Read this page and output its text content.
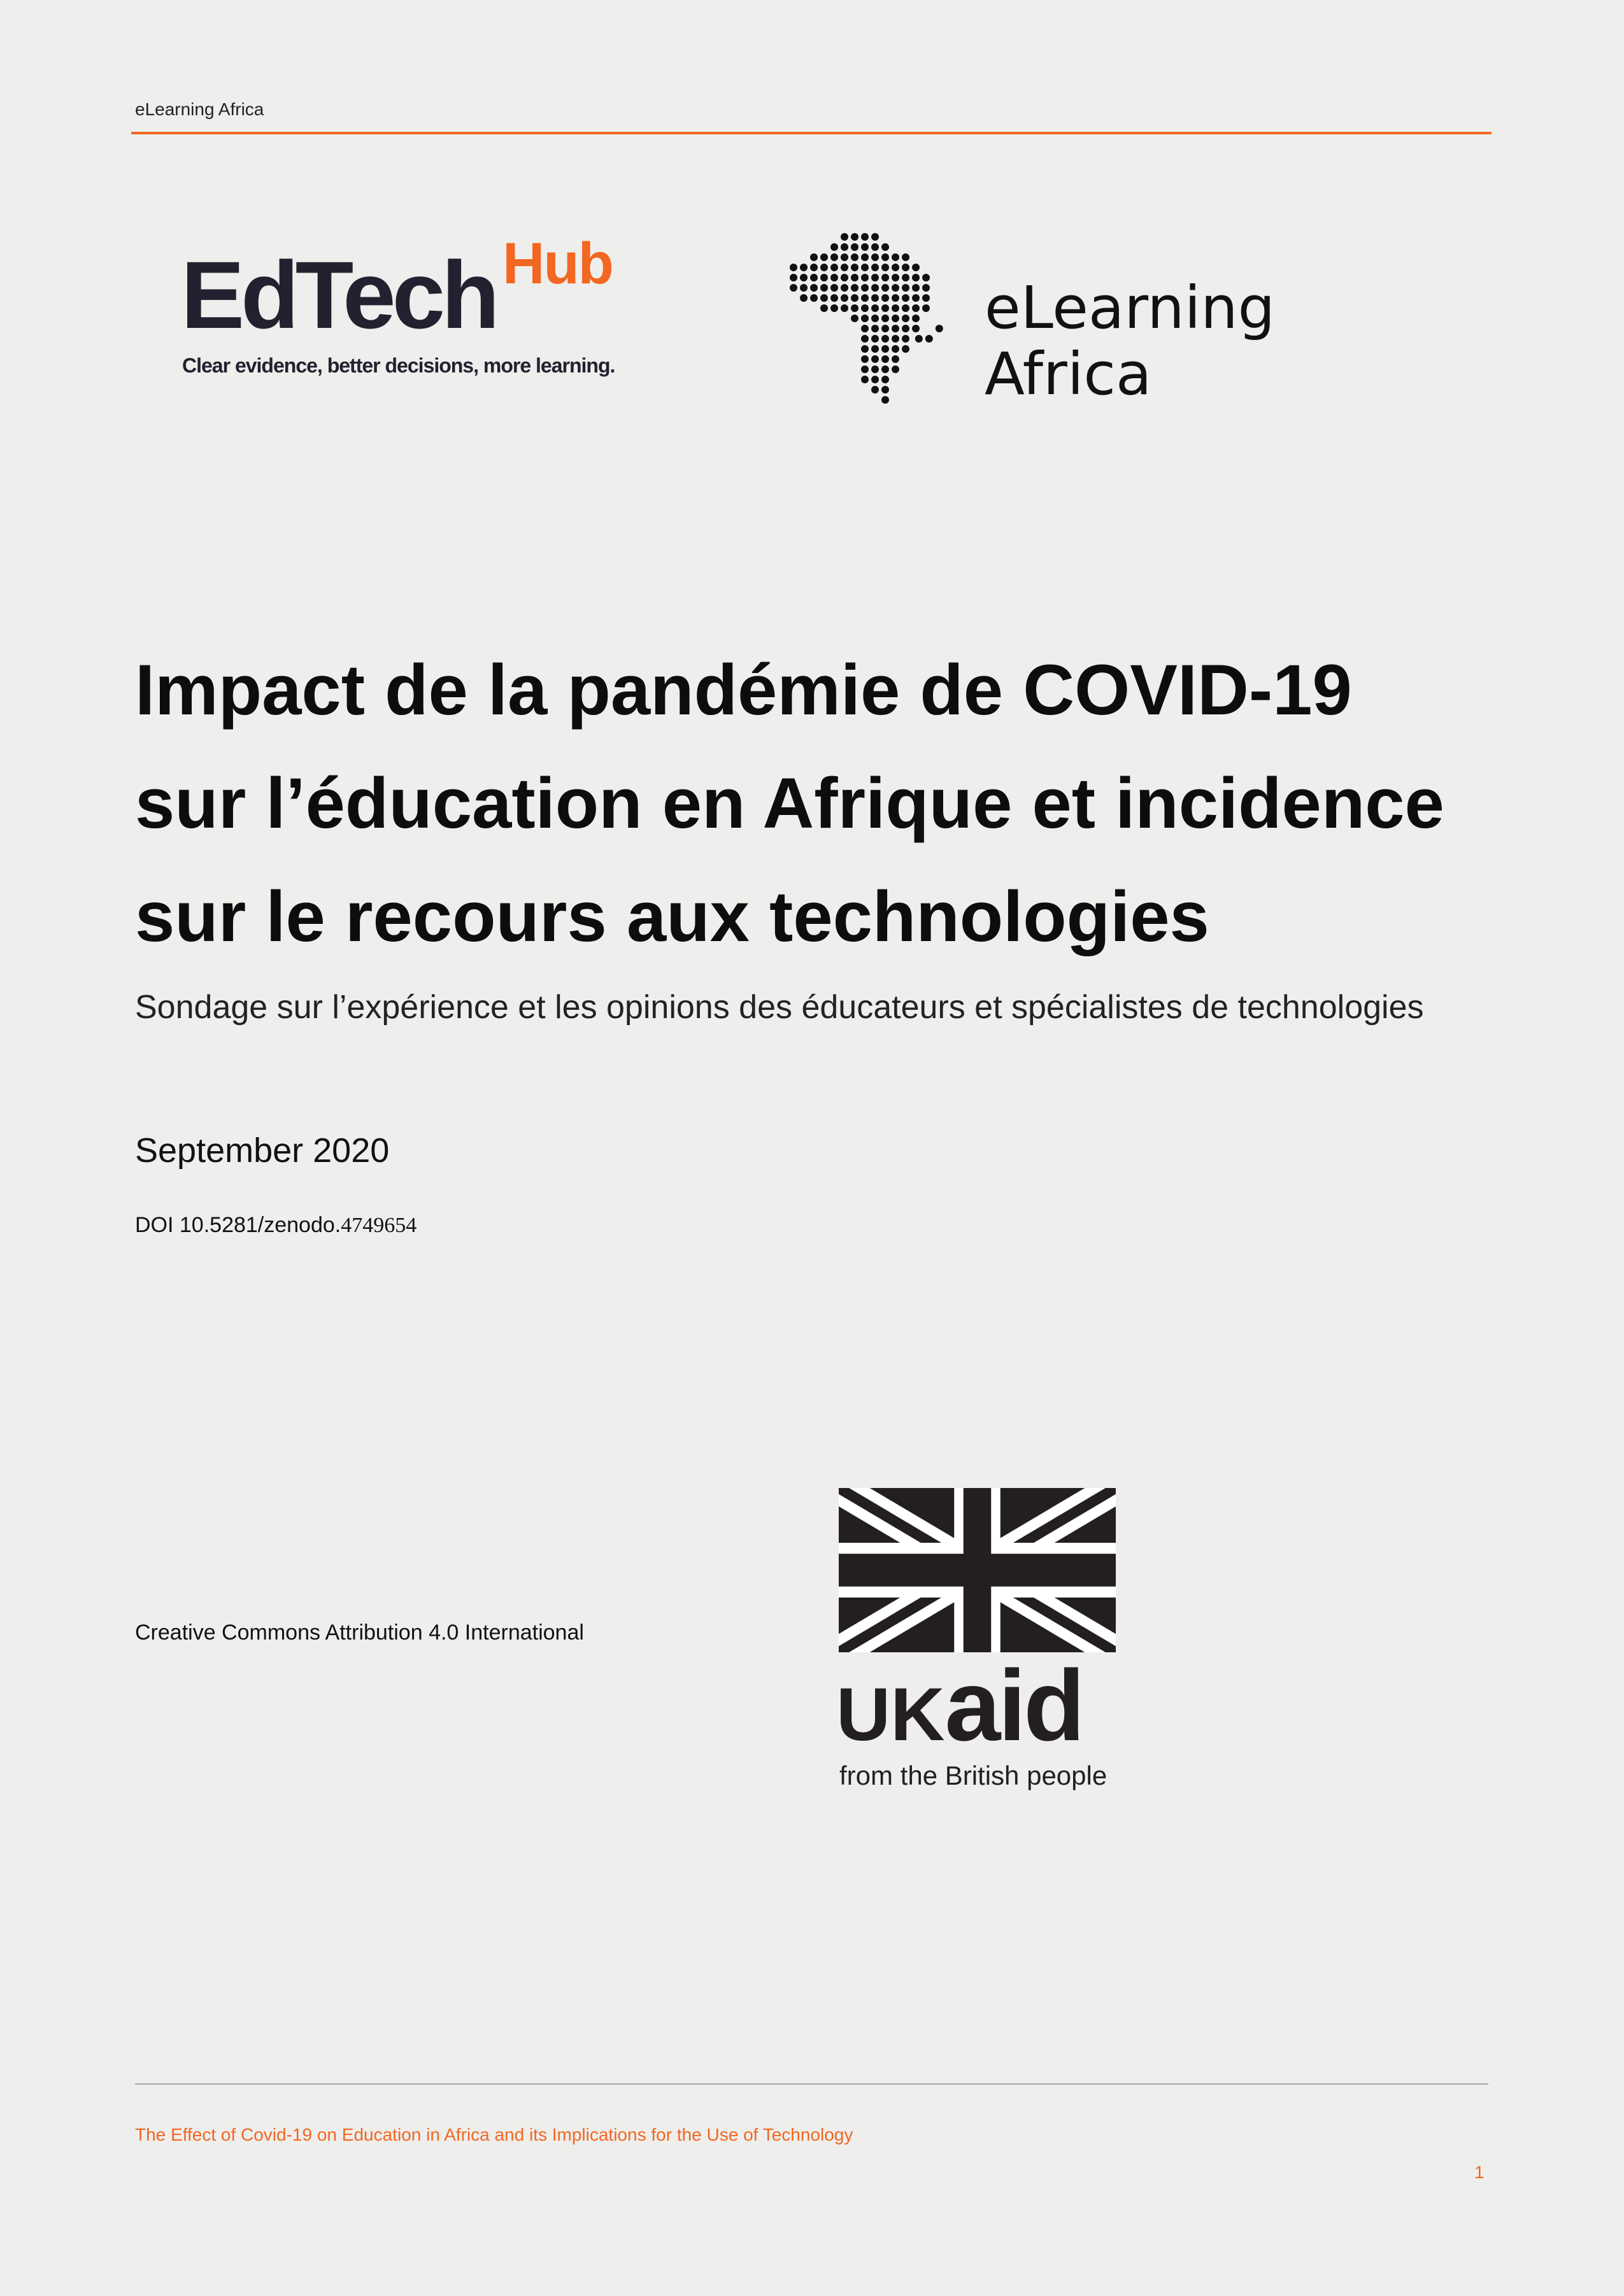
eLearning Africa
EdTech Hub
Clear evidence, better decisions, more learning.
eLearning
Africa
Impact de la pandémie de COVID-19
sur l’éducation en Afrique et incidence
sur le recours aux technologies
Sondage sur l’expérience et les opinions des éducateurs et spécialistes de technologies
September 2020
DOI 10.5281/zenodo.4749654
Creative Commons Attribution 4.0 International
UKaid
from the British people
The Effect of Covid-19 on Education in Africa and its Implications for the Use of Technology
1
